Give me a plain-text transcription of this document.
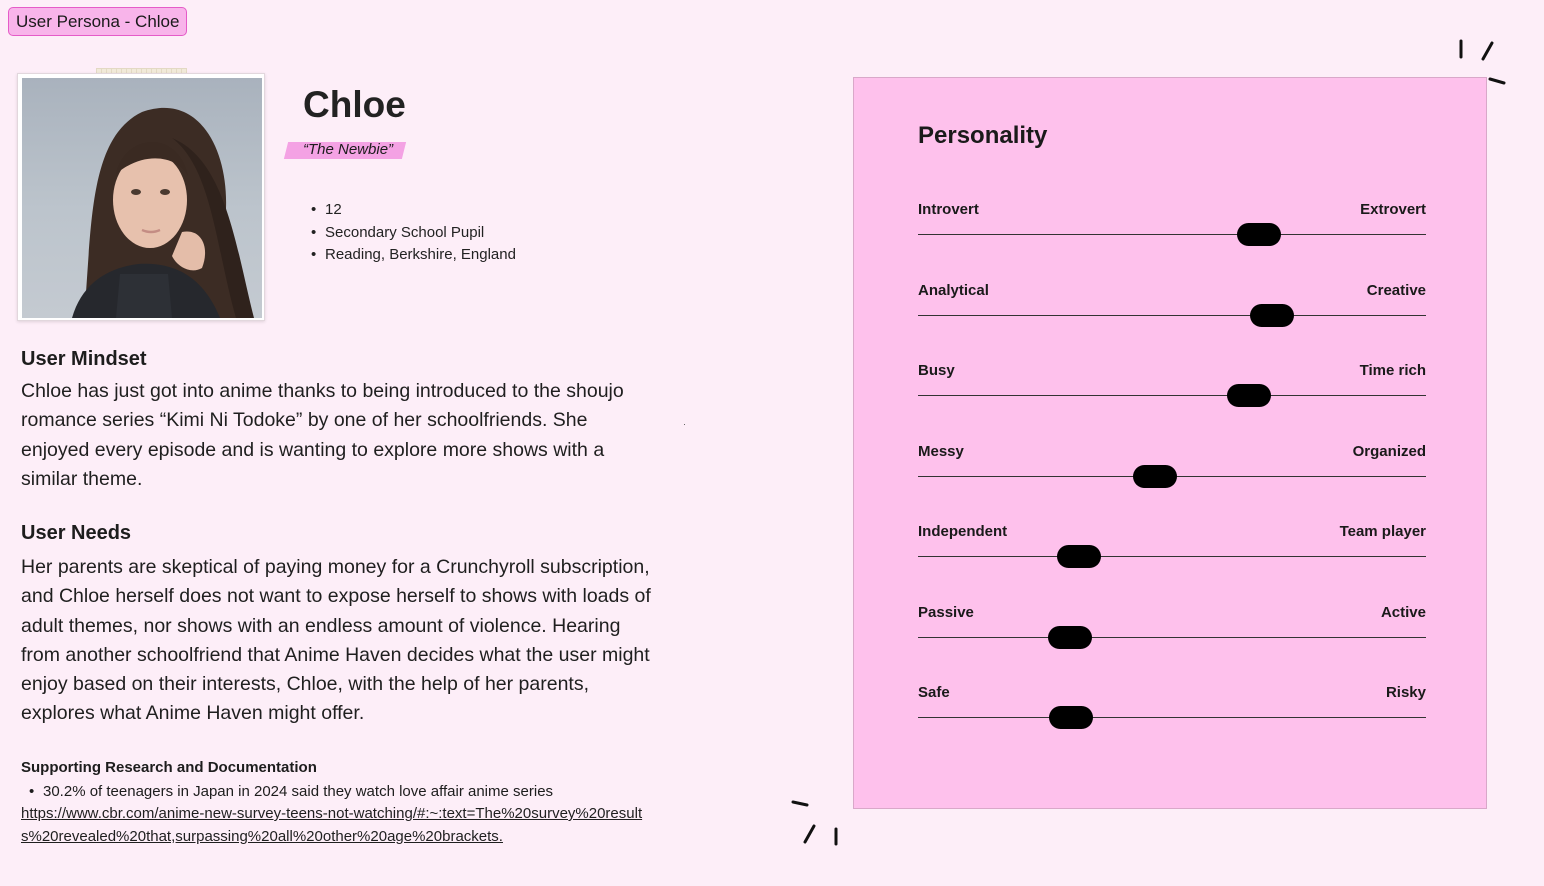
User Persona - Chloe
Chloe
“The Newbie”
• 12
• Secondary School Pupil
• Reading, Berkshire, England
User Mindset

Chloe has just got into anime thanks to being introduced to the shoujo romance series “Kimi Ni Todoke” by one of her schoolfriends. She enjoyed every episode and is wanting to explore more shows with a similar theme.

User Needs

Her parents are skeptical of paying money for a Crunchyroll subscription, and Chloe herself does not want to expose herself to shows with loads of adult themes, nor shows with an endless amount of violence. Hearing from another schoolfriend that Anime Haven decides what the user might enjoy based on their interests, Chloe, with the help of her parents, explores what Anime Haven might offer.

Supporting Research and Documentation
• 30.2% of teenagers in Japan in 2024 said they watch love affair anime series
https://www.cbr.com/anime-new-survey-teens-not-watching/#:~:text=The%20survey%20results%20revealed%20that,surpassing%20all%20other%20age%20brackets.
Personality
Introvert	Extrovert
Analytical	Creative
Busy	Time rich
Messy	Organized
Independent	Team player
Passive	Active
Safe	Risky
